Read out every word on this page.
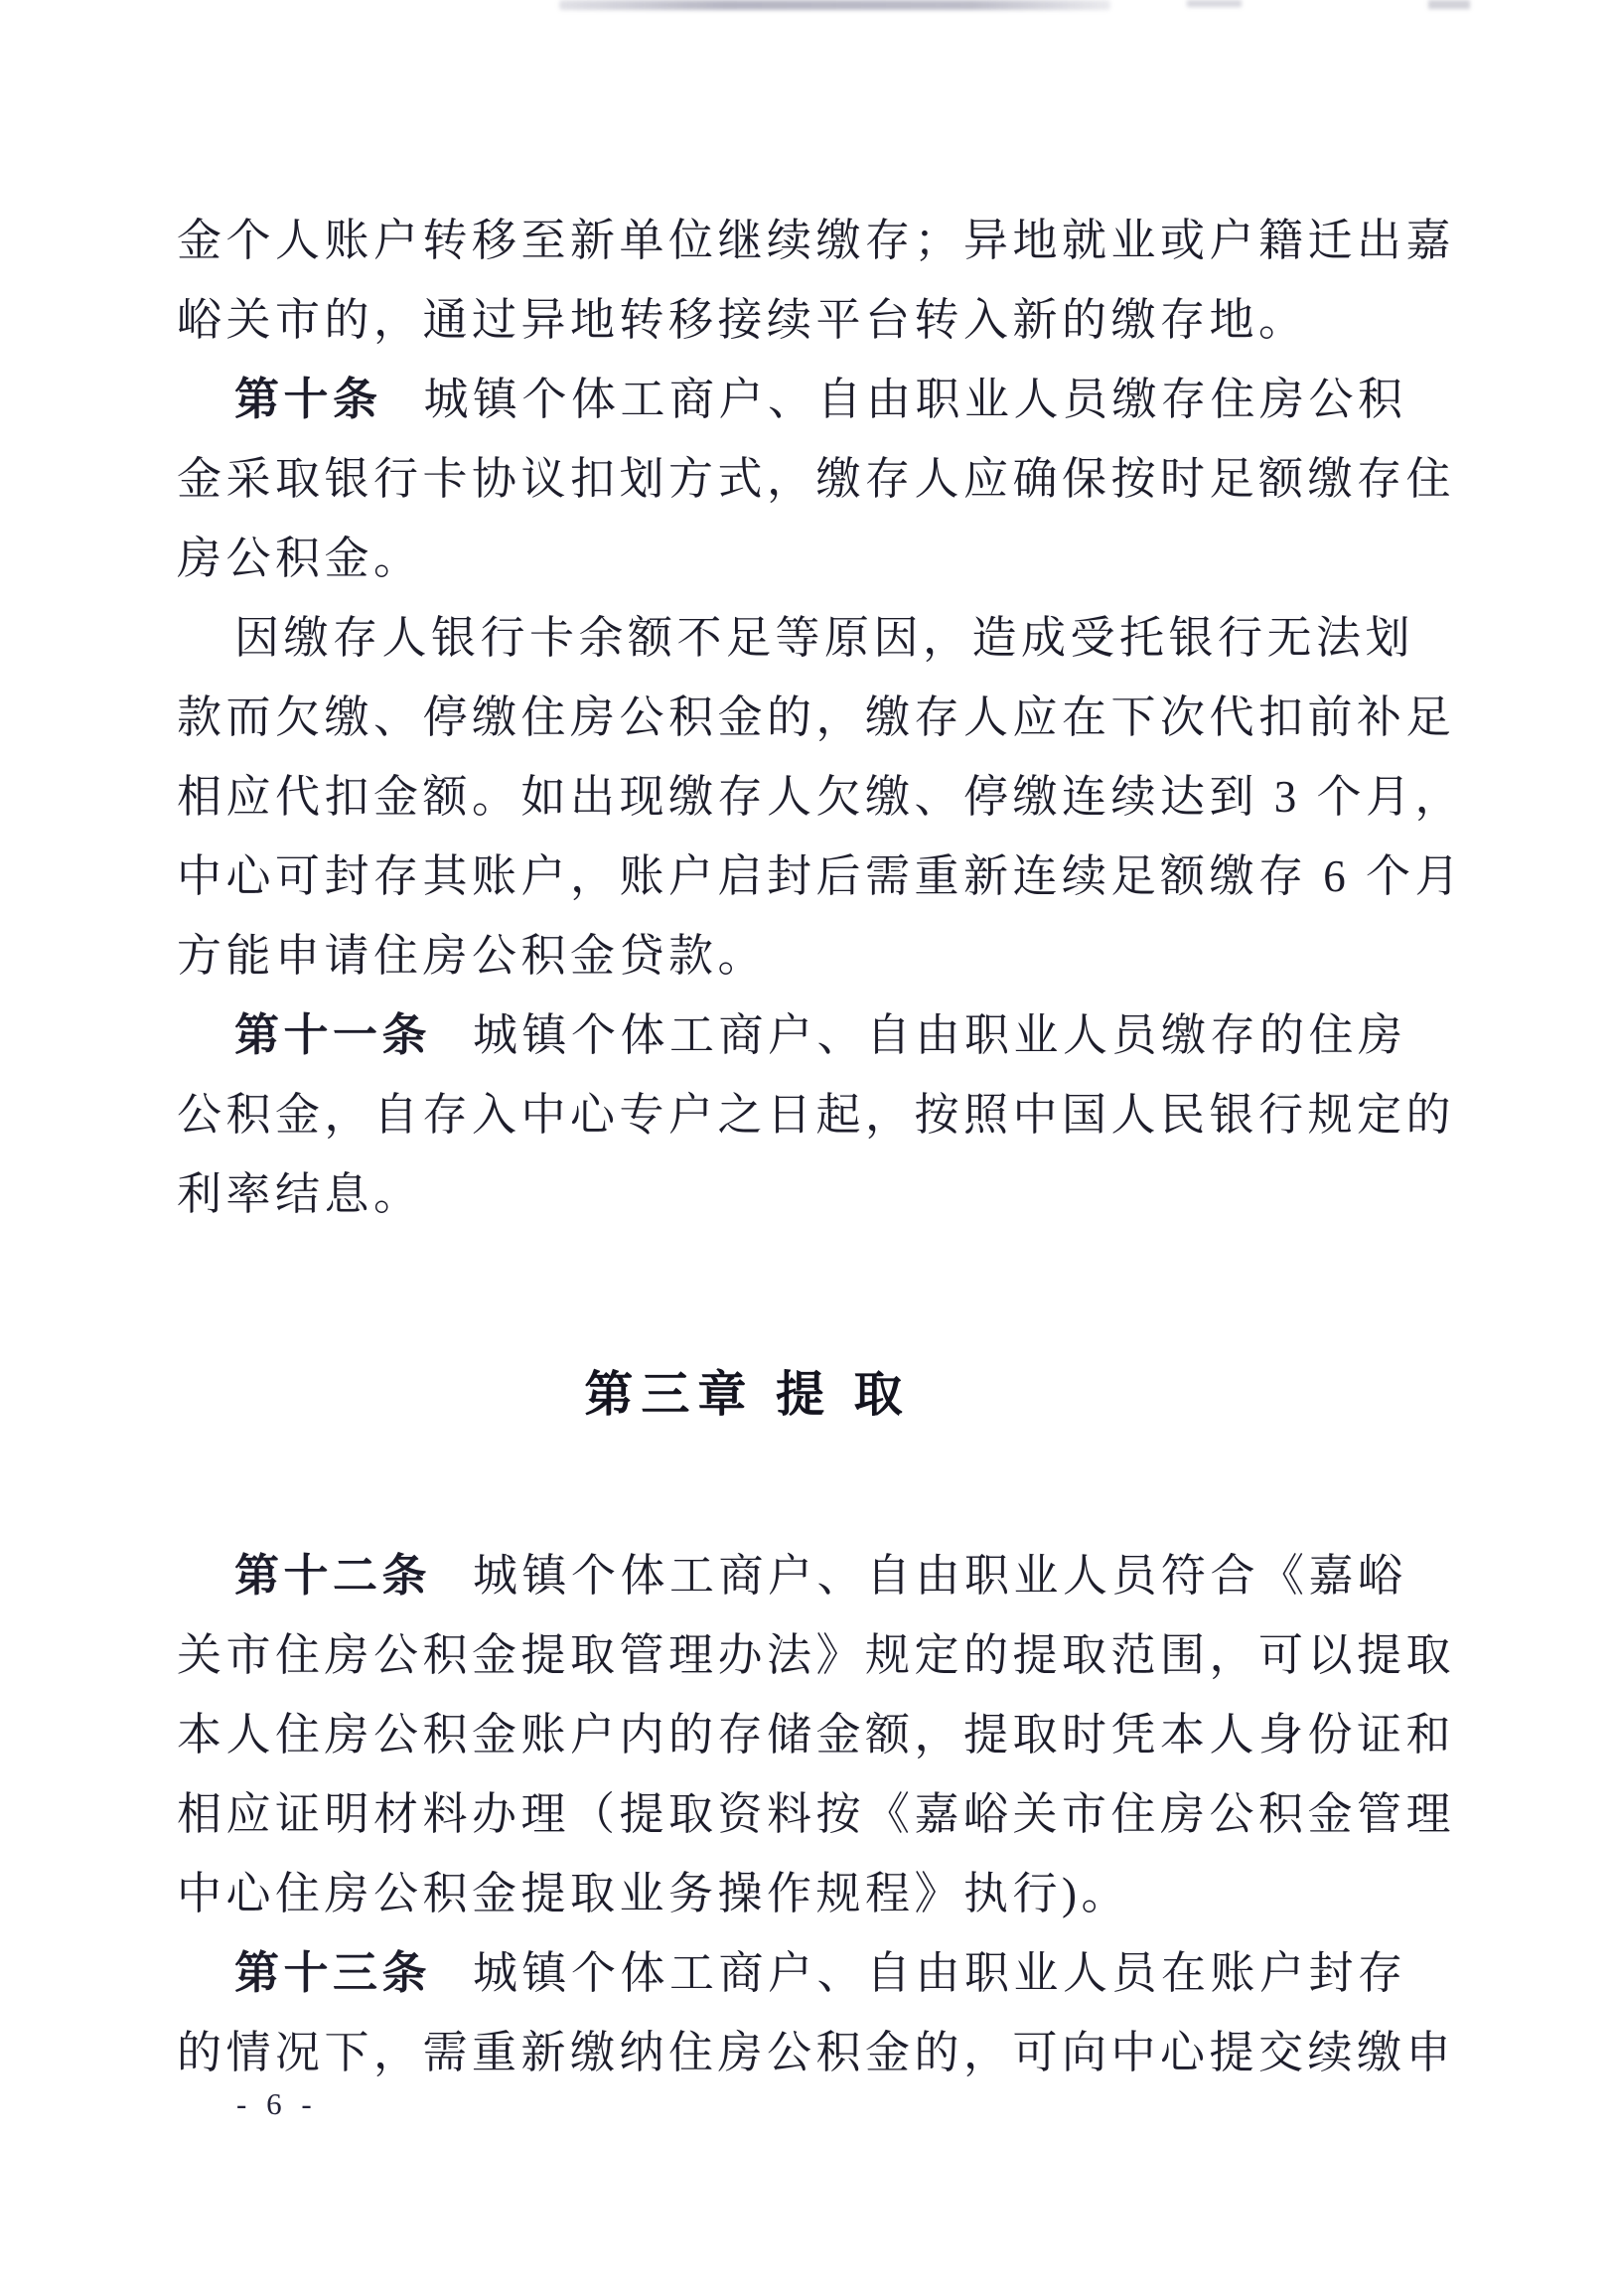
金个人账户转移至新单位继续缴存；异地就业或户籍迁出嘉
峪关市的，通过异地转移接续平台转入新的缴存地。
第十条 城镇个体工商户、自由职业人员缴存住房公积
金采取银行卡协议扣划方式，缴存人应确保按时足额缴存住
房公积金。
因缴存人银行卡余额不足等原因，造成受托银行无法划
款而欠缴、停缴住房公积金的，缴存人应在下次代扣前补足
相应代扣金额。如出现缴存人欠缴、停缴连续达到 3 个月，
中心可封存其账户，账户启封后需重新连续足额缴存 6 个月
方能申请住房公积金贷款。
第十一条 城镇个体工商户、自由职业人员缴存的住房
公积金，自存入中心专户之日起，按照中国人民银行规定的
利率结息。
第三章 提 取
第十二条 城镇个体工商户、自由职业人员符合《嘉峪
关市住房公积金提取管理办法》规定的提取范围，可以提取
本人住房公积金账户内的存储金额，提取时凭本人身份证和
相应证明材料办理（提取资料按《嘉峪关市住房公积金管理
中心住房公积金提取业务操作规程》执行)。
第十三条 城镇个体工商户、自由职业人员在账户封存
的情况下，需重新缴纳住房公积金的，可向中心提交续缴申
- 6 -
